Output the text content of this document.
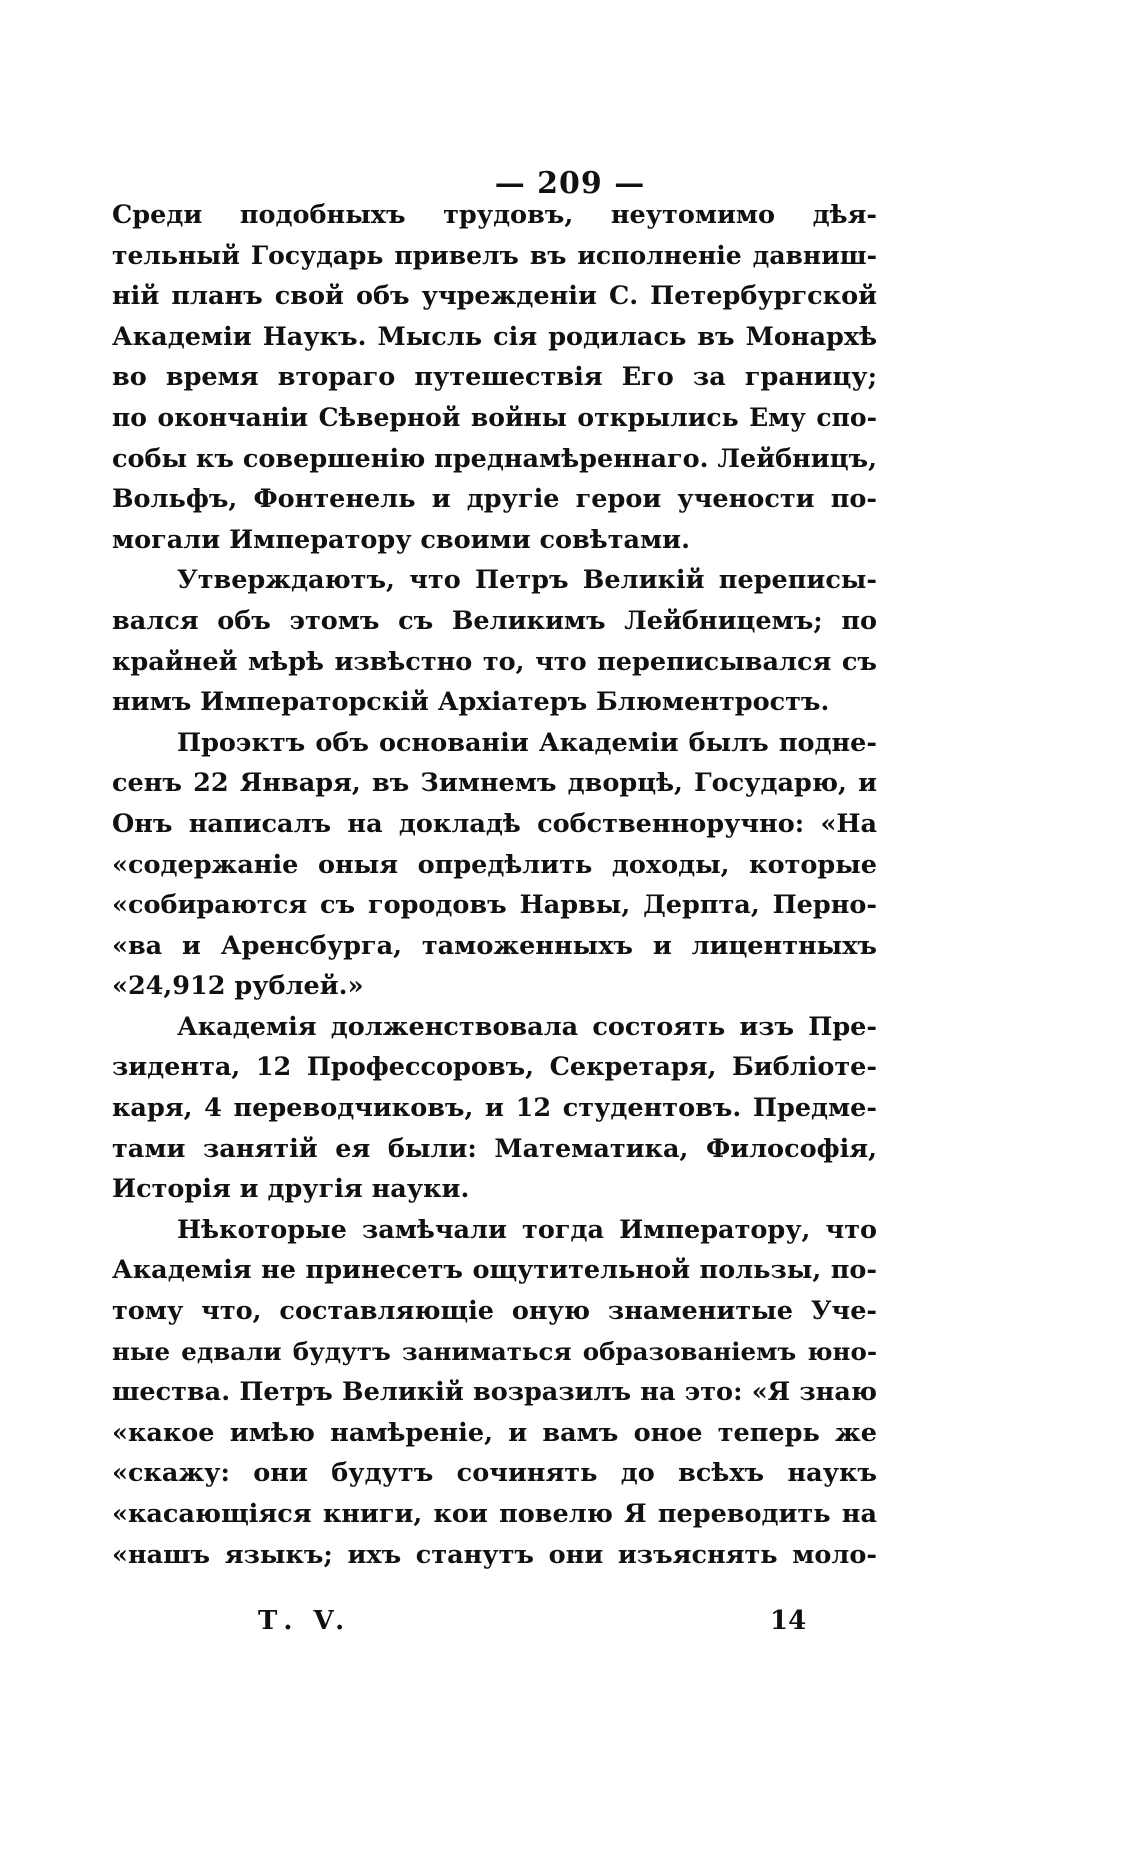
— 209 —
Среди подобныхъ трудовъ, неутомимо дѣя-
тельный Государь привелъ въ исполненіе давниш-
ній планъ свой объ учрежденіи С. Петербургской
Академіи Наукъ. Мысль сія родилась въ Монархѣ
во время втораго путешествія Его за границу;
по окончаніи Сѣверной войны открылись Ему спо-
собы къ совершенію преднамѣреннаго. Лейбницъ,
Вольфъ, Фонтенель и другіе герои учености по-
могали Императору своими совѣтами.
Утверждаютъ, что Петръ Великій переписы-
вался объ этомъ съ Великимъ Лейбницемъ; по
крайней мѣрѣ извѣстно то, что переписывался съ
нимъ Императорскій Архіатеръ Блюментростъ.
Проэктъ объ основаніи Академіи былъ подне-
сенъ 22 Января, въ Зимнемъ дворцѣ, Государю, и
Онъ написалъ на докладѣ собственноручно: «На
«содержаніе оныя опредѣлить доходы, которые
«собираются съ городовъ Нарвы, Дерпта, Перно-
«ва и Аренсбурга, таможенныхъ и лицентныхъ
«24,912 рублей.»
Академія долженствовала состоять изъ Пре-
зидента, 12 Профессоровъ, Секретаря, Библіоте-
каря, 4 переводчиковъ, и 12 студентовъ. Предме-
тами занятій ея были: Математика, Философія,
Исторія и другія науки.
Нѣкоторые замѣчали тогда Императору, что
Академія не принесетъ ощутительной пользы, по-
тому что, составляющіе оную знаменитые Уче-
ные едвали будутъ заниматься образованіемъ юно-
шества. Петръ Великій возразилъ на это: «Я знаю
«какое имѣю намѣреніе, и вамъ оное теперь же
«скажу: они будутъ сочинять до всѣхъ наукъ
«касающіяся книги, кои повелю Я переводить на
«нашъ языкъ; ихъ станутъ они изъяснять моло-
Т. V.	14
